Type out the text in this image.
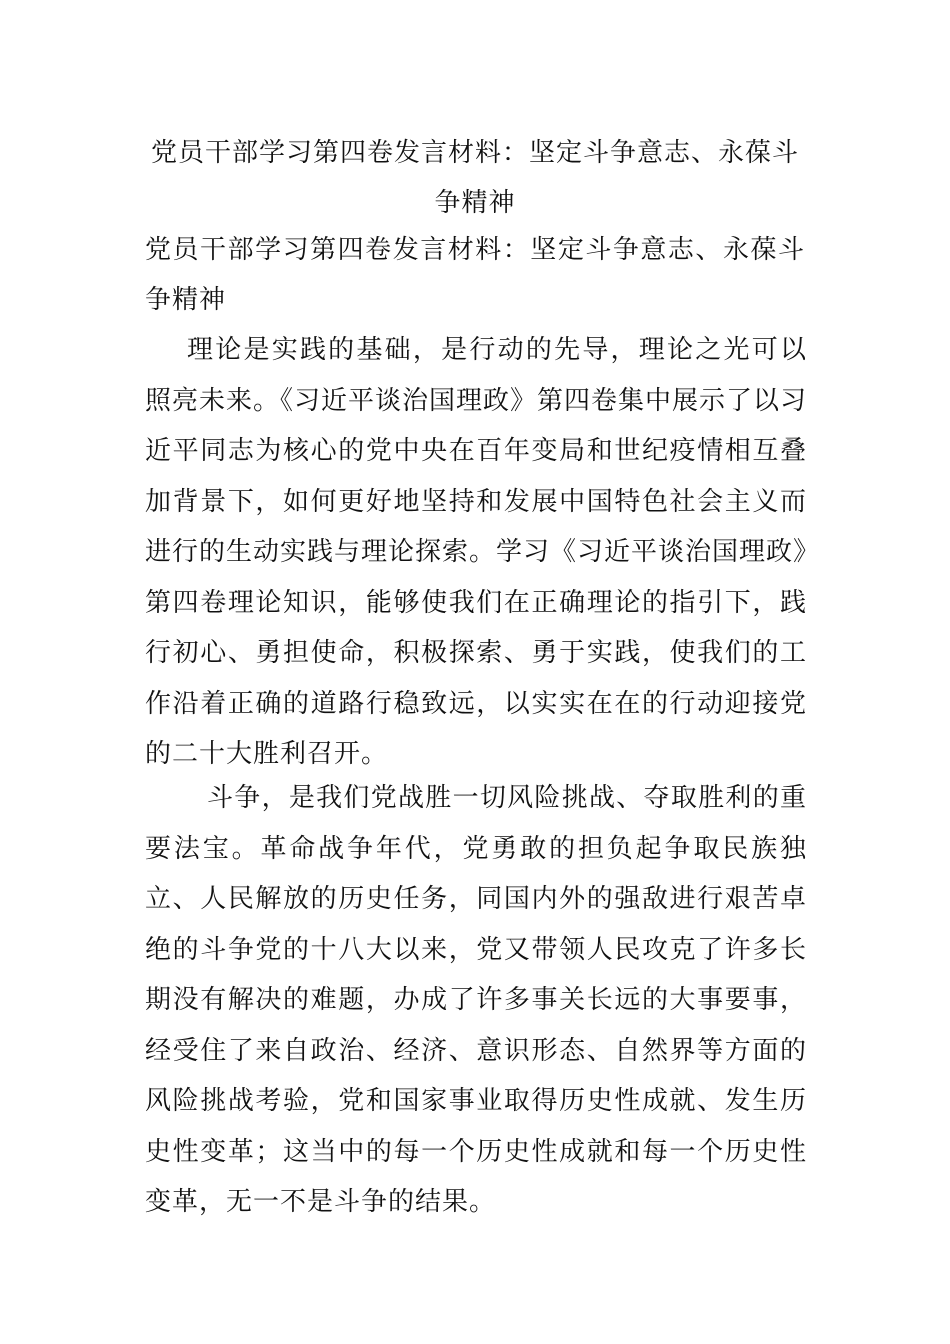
党员干部学习第四卷发言材料：坚定斗争意志、永葆斗争精神

党员干部学习第四卷发言材料：坚定斗争意志、永葆斗争精神

理论是实践的基础，是行动的先导，理论之光可以照亮未来。《习近平谈治国理政》第四卷集中展示了以习近平同志为核心的党中央在百年变局和世纪疫情相互叠加背景下，如何更好地坚持和发展中国特色社会主义而进行的生动实践与理论探索。学习《习近平谈治国理政》第四卷理论知识，能够使我们在正确理论的指引下，践行初心、勇担使命，积极探索、勇于实践，使我们的工作沿着正确的道路行稳致远，以实实在在的行动迎接党的二十大胜利召开。

斗争，是我们党战胜一切风险挑战、夺取胜利的重要法宝。革命战争年代，党勇敢的担负起争取民族独立、人民解放的历史任务，同国内外的强敌进行艰苦卓绝的斗争党的十八大以来，党又带领人民攻克了许多长期没有解决的难题，办成了许多事关长远的大事要事，经受住了来自政治、经济、意识形态、自然界等方面的风险挑战考验，党和国家事业取得历史性成就、发生历史性变革；这当中的每一个历史性成就和每一个历史性变革，无一不是斗争的结果。
